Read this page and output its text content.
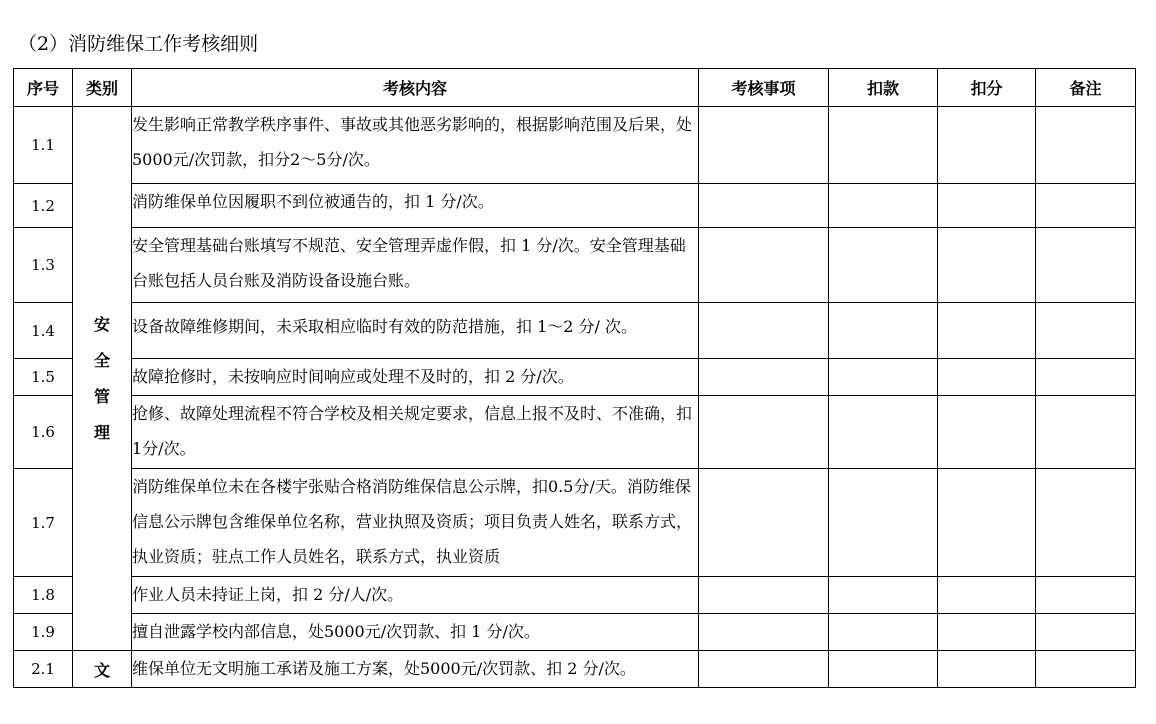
（2）消防维保工作考核细则
序号	类别	考核内容	考核事项	扣款	扣分	备注
1.1	安全管理	发生影响正常教学秩序事件、事故或其他恶劣影响的，根据影响范围及后果，处5000元/次罚款，扣分2～5分/次。				
1.2		消防维保单位因履职不到位被通告的，扣 1 分/次。				
1.3		安全管理基础台账填写不规范、安全管理弄虚作假，扣 1 分/次。安全管理基础台账包括人员台账及消防设备设施台账。				
1.4		设备故障维修期间，未采取相应临时有效的防范措施，扣 1～2 分/ 次。				
1.5		故障抢修时，未按响应时间响应或处理不及时的，扣 2 分/次。				
1.6		抢修、故障处理流程不符合学校及相关规定要求，信息上报不及时、不准确，扣 1分/次。				
1.7		消防维保单位未在各楼宇张贴合格消防维保信息公示牌，扣0.5分/天。消防维保信息公示牌包含维保单位名称，营业执照及资质；项目负责人姓名，联系方式，执业资质；驻点工作人员姓名，联系方式，执业资质				

1.8		作业人员未持证上岗，扣 2 分/人/次。				
1.9		擅自泄露学校内部信息，处5000元/次罚款、扣 1 分/次。				
2.1	文	维保单位无文明施工承诺及施工方案，处5000元/次罚款、扣 2 分/次。				
